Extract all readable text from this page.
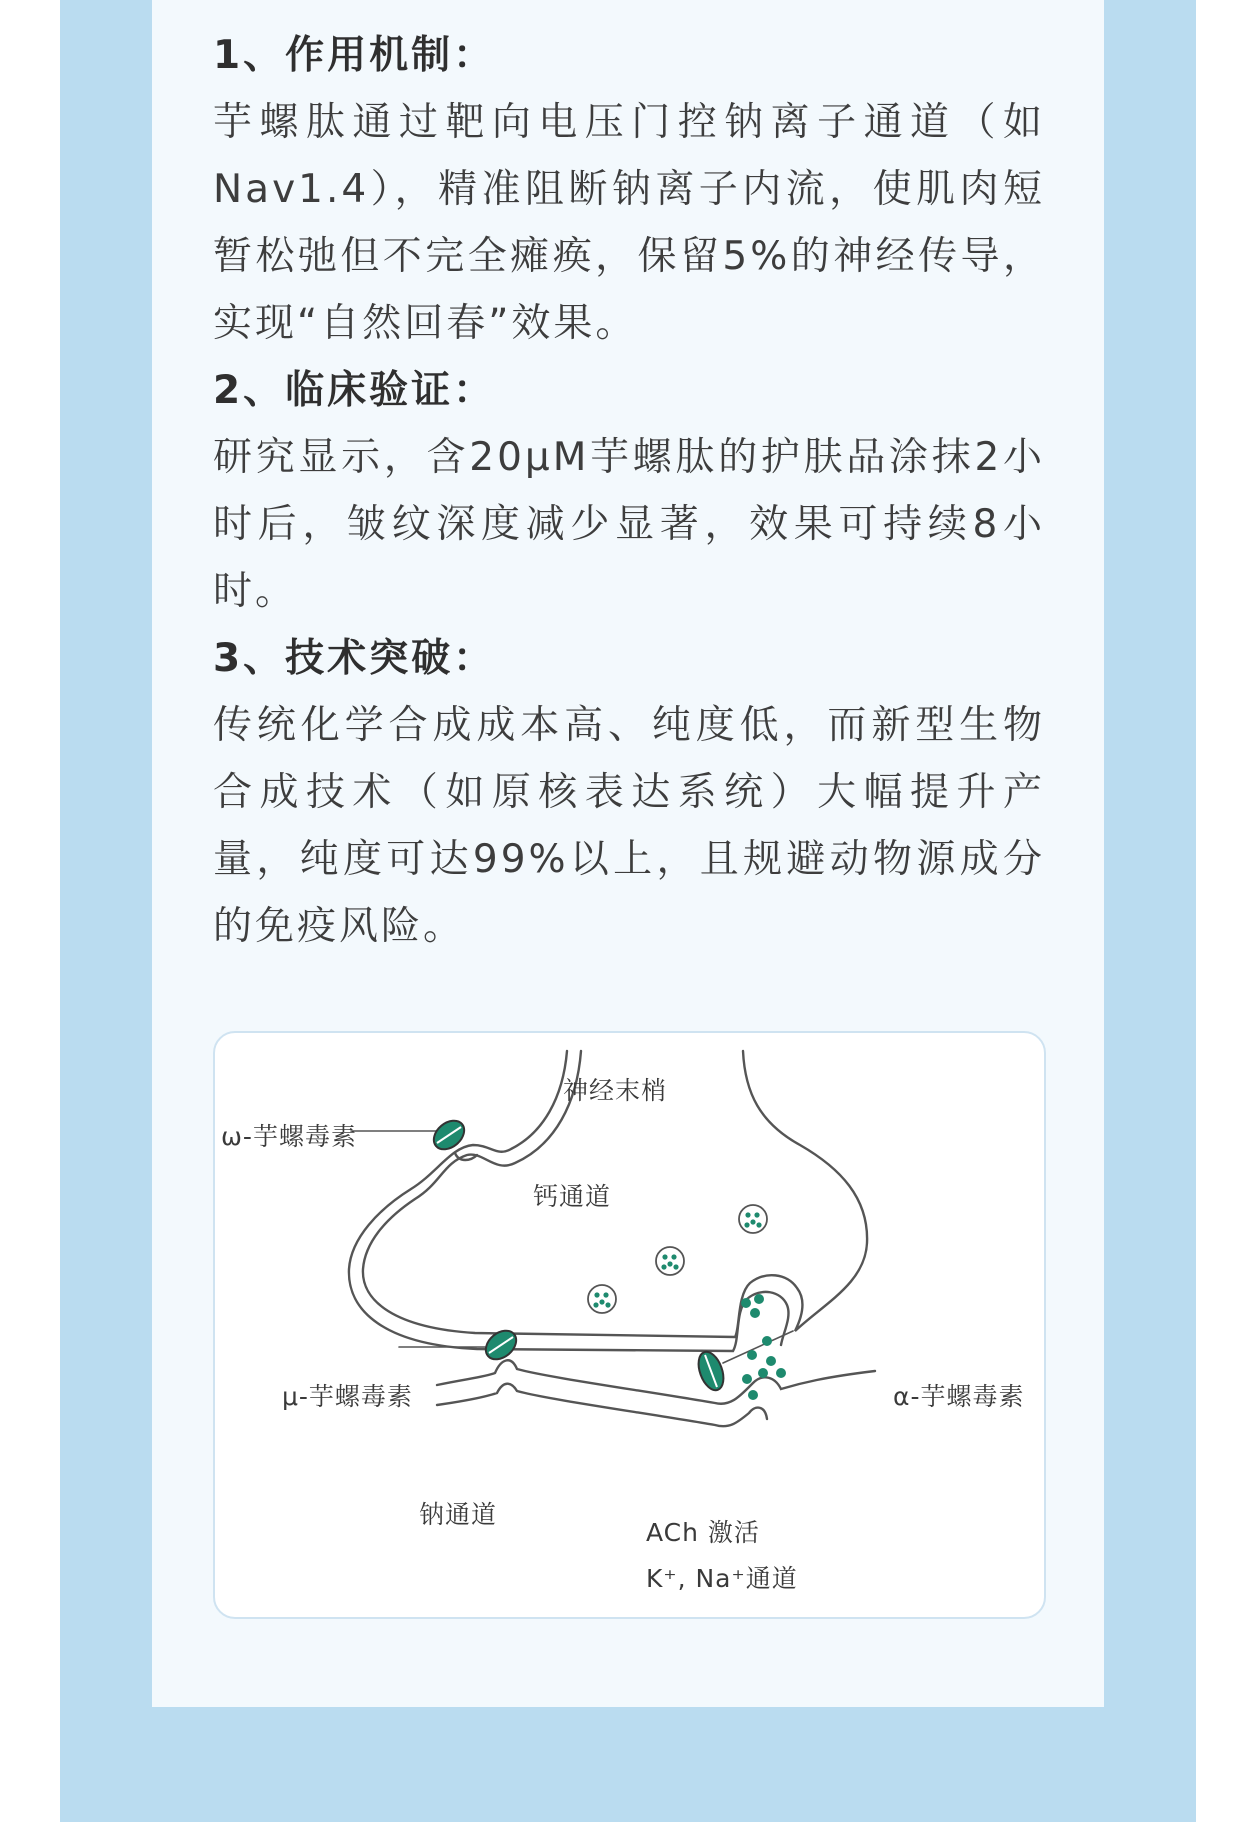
1、作用机制：

芋螺肽通过靶向电压门控钠离子通道（如Nav1.4），精准阻断钠离子内流，使肌肉短暂松弛但不完全瘫痪，保留5%的神经传导，实现“自然回春”效果。

2、临床验证：

研究显示，含20μM芋螺肽的护肤品涂抹2小时后，皱纹深度减少显著，效果可持续8小时。

3、技术突破：

传统化学合成成本高、纯度低，而新型生物合成技术（如原核表达系统）大幅提升产量，纯度可达99%以上，且规避动物源成分的免疫风险。

神经末梢
ω-芋螺毒素
钙通道
μ-芋螺毒素	α-芋螺毒素
钠通道
ACh 激活
K⁺, Na⁺通道
